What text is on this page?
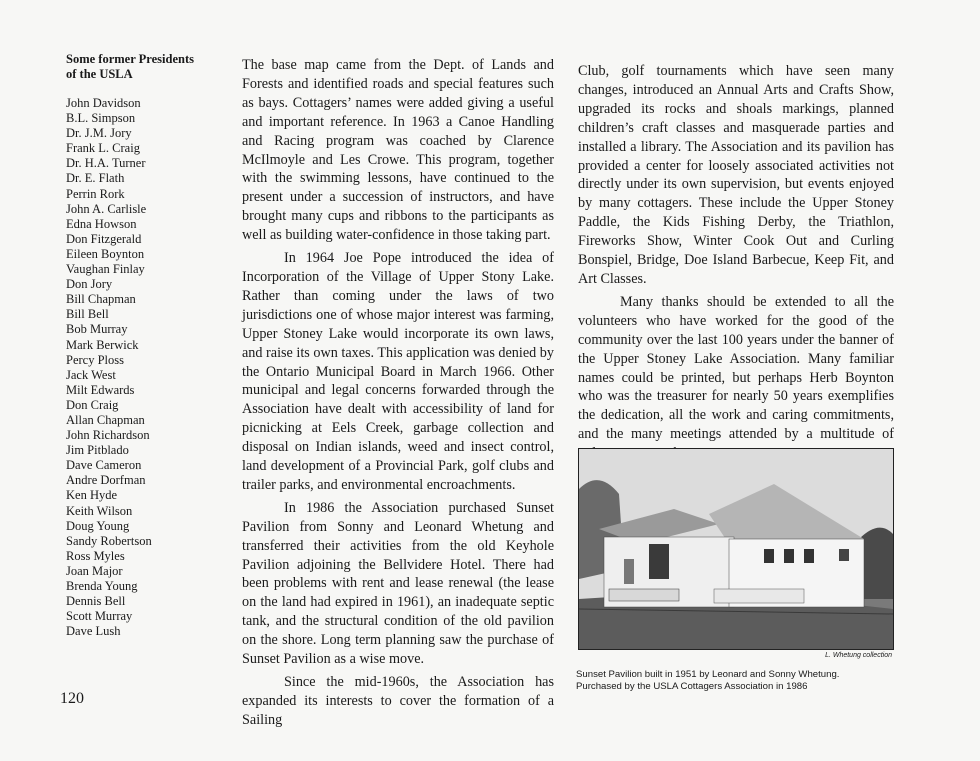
Some former Presidents
of the USLA
John Davidson
B.L. Simpson
Dr. J.M. Jory
Frank L. Craig
Dr. H.A. Turner
Dr. E. Flath
Perrin Rork
John A. Carlisle
Edna Howson
Don Fitzgerald
Eileen Boynton
Vaughan Finlay
Don Jory
Bill Chapman
Bill Bell
Bob Murray
Mark Berwick
Percy Ploss
Jack West
Milt Edwards
Don Craig
Allan Chapman
John Richardson
Jim Pitblado
Dave Cameron
Andre Dorfman
Ken Hyde
Keith Wilson
Doug Young
Sandy Robertson
Ross Myles
Joan Major
Brenda Young
Dennis Bell
Scott Murray
Dave Lush
120

The base map came from the Dept. of Lands and Forests and identified roads and special features such as bays. Cottagers’ names were added giving a useful and important reference. In 1963 a Canoe Handling and Racing program was coached by Clarence McIlmoyle and Les Crowe. This program, together with the swimming lessons, have continued to the present under a succession of instructors, and have brought many cups and ribbons to the participants as well as building water-confidence in those taking part.

In 1964 Joe Pope introduced the idea of Incorporation of the Village of Upper Stony Lake. Rather than coming under the laws of two jurisdictions one of whose major interest was farming, Upper Stoney Lake would incorporate its own laws, and raise its own taxes. This application was denied by the Ontario Municipal Board in March 1966. Other municipal and legal concerns forwarded through the Association have dealt with accessibility of land for picnicking at Eels Creek, garbage collection and disposal on Indian islands, weed and insect control, land development of a Provincial Park, golf clubs and trailer parks, and environmental encroachments.

In 1986 the Association purchased Sunset Pavilion from Sonny and Leonard Whetung and transferred their activities from the old Keyhole Pavilion adjoining the Bellvidere Hotel. There had been problems with rent and lease renewal (the lease on the land had expired in 1961), an inadequate septic tank, and the structural condition of the old pavilion on the shore. Long term planning saw the purchase of Sunset Pavilion as a wise move.

Since the mid-1960s, the Association has expanded its interests to cover the formation of a Sailing

Club, golf tournaments which have seen many changes, introduced an Annual Arts and Crafts Show, upgraded its rocks and shoals markings, planned children’s craft classes and masquerade parties and installed a library. The Association and its pavilion has provided a center for loosely associated activities not directly under its own supervision, but events enjoyed by many cottagers. These include the Upper Stoney Paddle, the Kids Fishing Derby, the Triathlon, Fireworks Show, Winter Cook Out and Curling Bonspiel, Bridge, Doe Island Barbecue, Keep Fit, and Art Classes.

Many thanks should be extended to all the volunteers who have worked for the good of the community over the last 100 years under the banner of the Upper Stoney Lake Association. Many familiar names could be printed, but perhaps Herb Boynton who was the treasurer for nearly 50 years exemplifies the dedication, all the work and caring commitments, and the many meetings attended by a multitude of

L. Whetung collection
Sunset Pavilion built in 1951 by Leonard and Sonny Whetung.
Purchased by the USLA Cottagers Association in 1986
